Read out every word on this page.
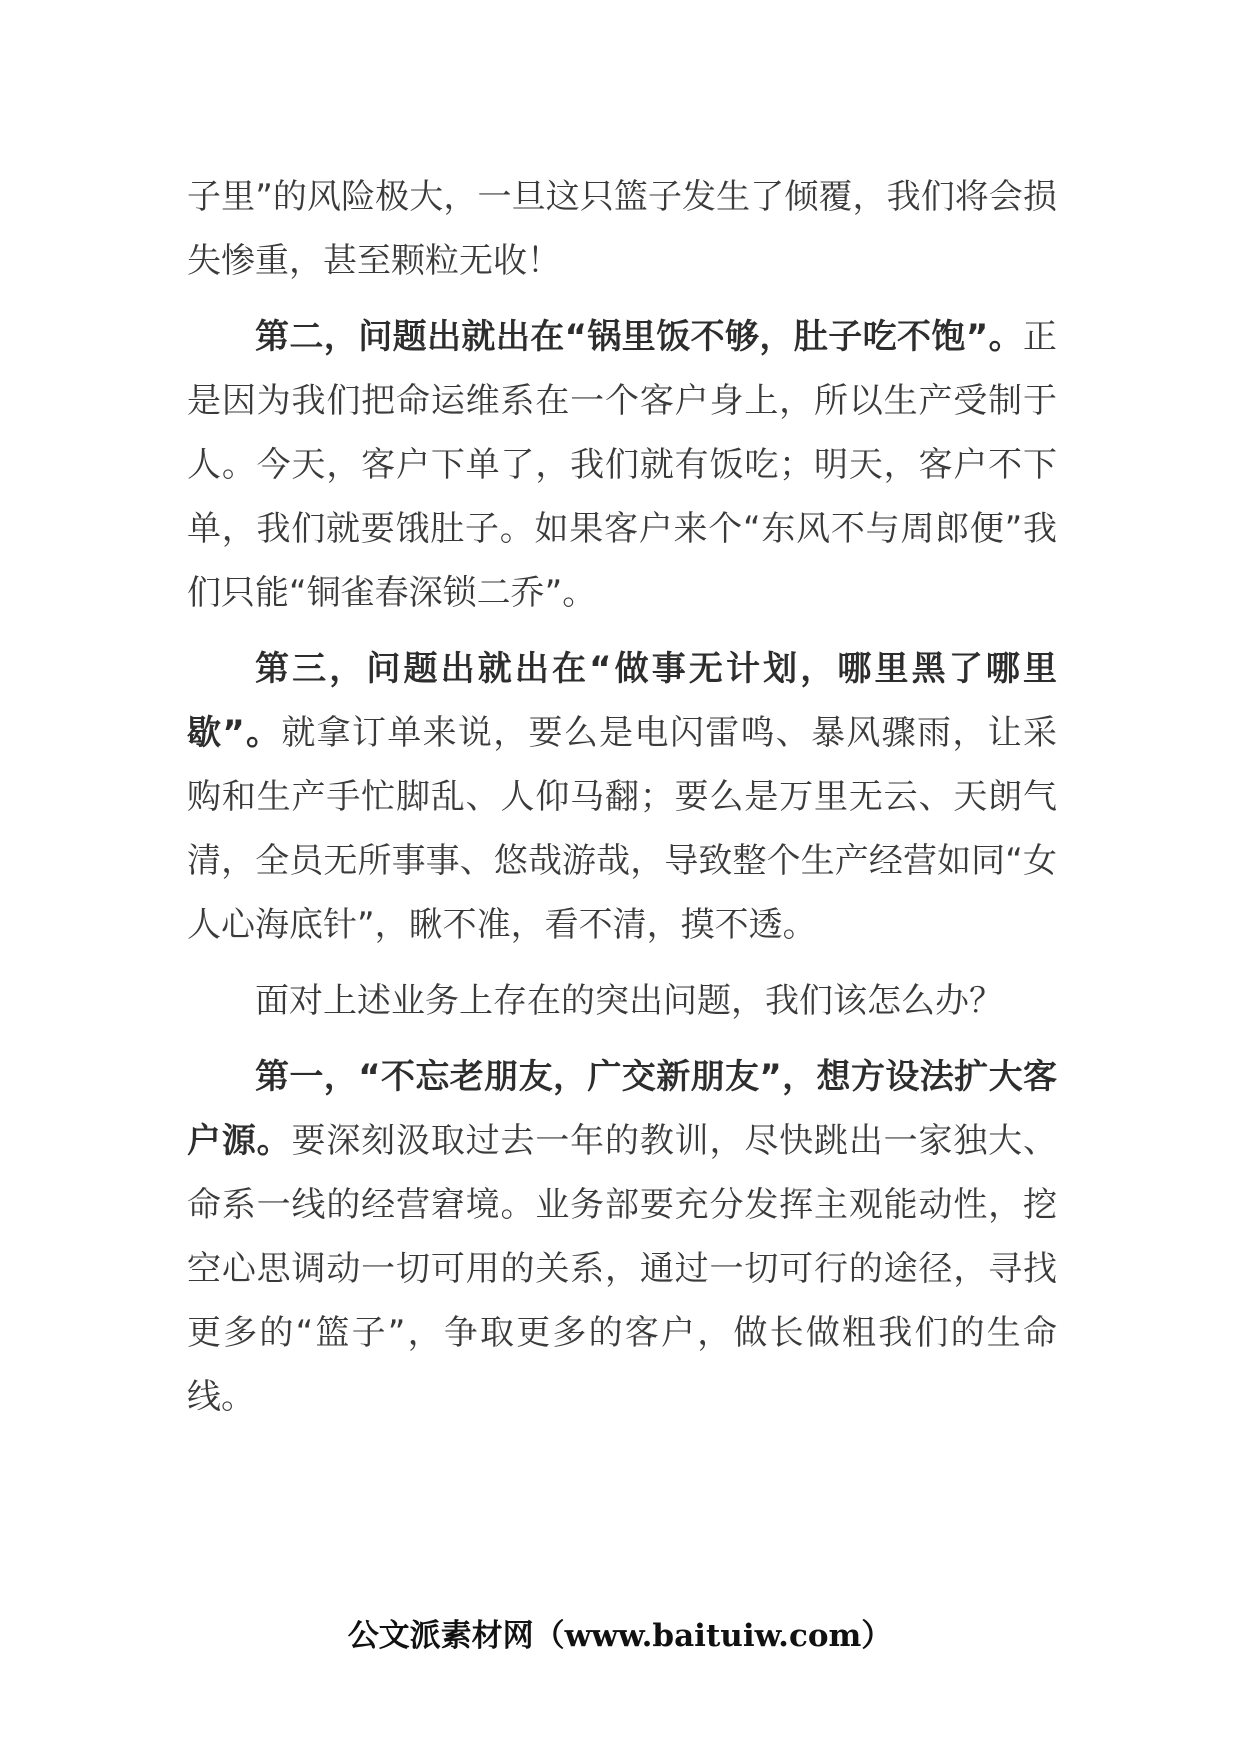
子里”的风险极大，一旦这只篮子发生了倾覆，我们将会损失惨重，甚至颗粒无收！

第二，问题出就出在“锅里饭不够，肚子吃不饱”。正是因为我们把命运维系在一个客户身上，所以生产受制于人。今天，客户下单了，我们就有饭吃；明天，客户不下单，我们就要饿肚子。如果客户来个“东风不与周郎便”我们只能“铜雀春深锁二乔”。

第三，问题出就出在“做事无计划，哪里黑了哪里歇”。就拿订单来说，要么是电闪雷鸣、暴风骤雨，让采购和生产手忙脚乱、人仰马翻；要么是万里无云、天朗气清，全员无所事事、悠哉游哉，导致整个生产经营如同“女人心海底针”，瞅不准，看不清，摸不透。

面对上述业务上存在的突出问题，我们该怎么办？

第一，“不忘老朋友，广交新朋友”，想方设法扩大客户源。要深刻汲取过去一年的教训，尽快跳出一家独大、命系一线的经营窘境。业务部要充分发挥主观能动性，挖空心思调动一切可用的关系，通过一切可行的途径，寻找更多的“篮子”，争取更多的客户，做长做粗我们的生命线。

公文派素材网（www.baituiw.com）
